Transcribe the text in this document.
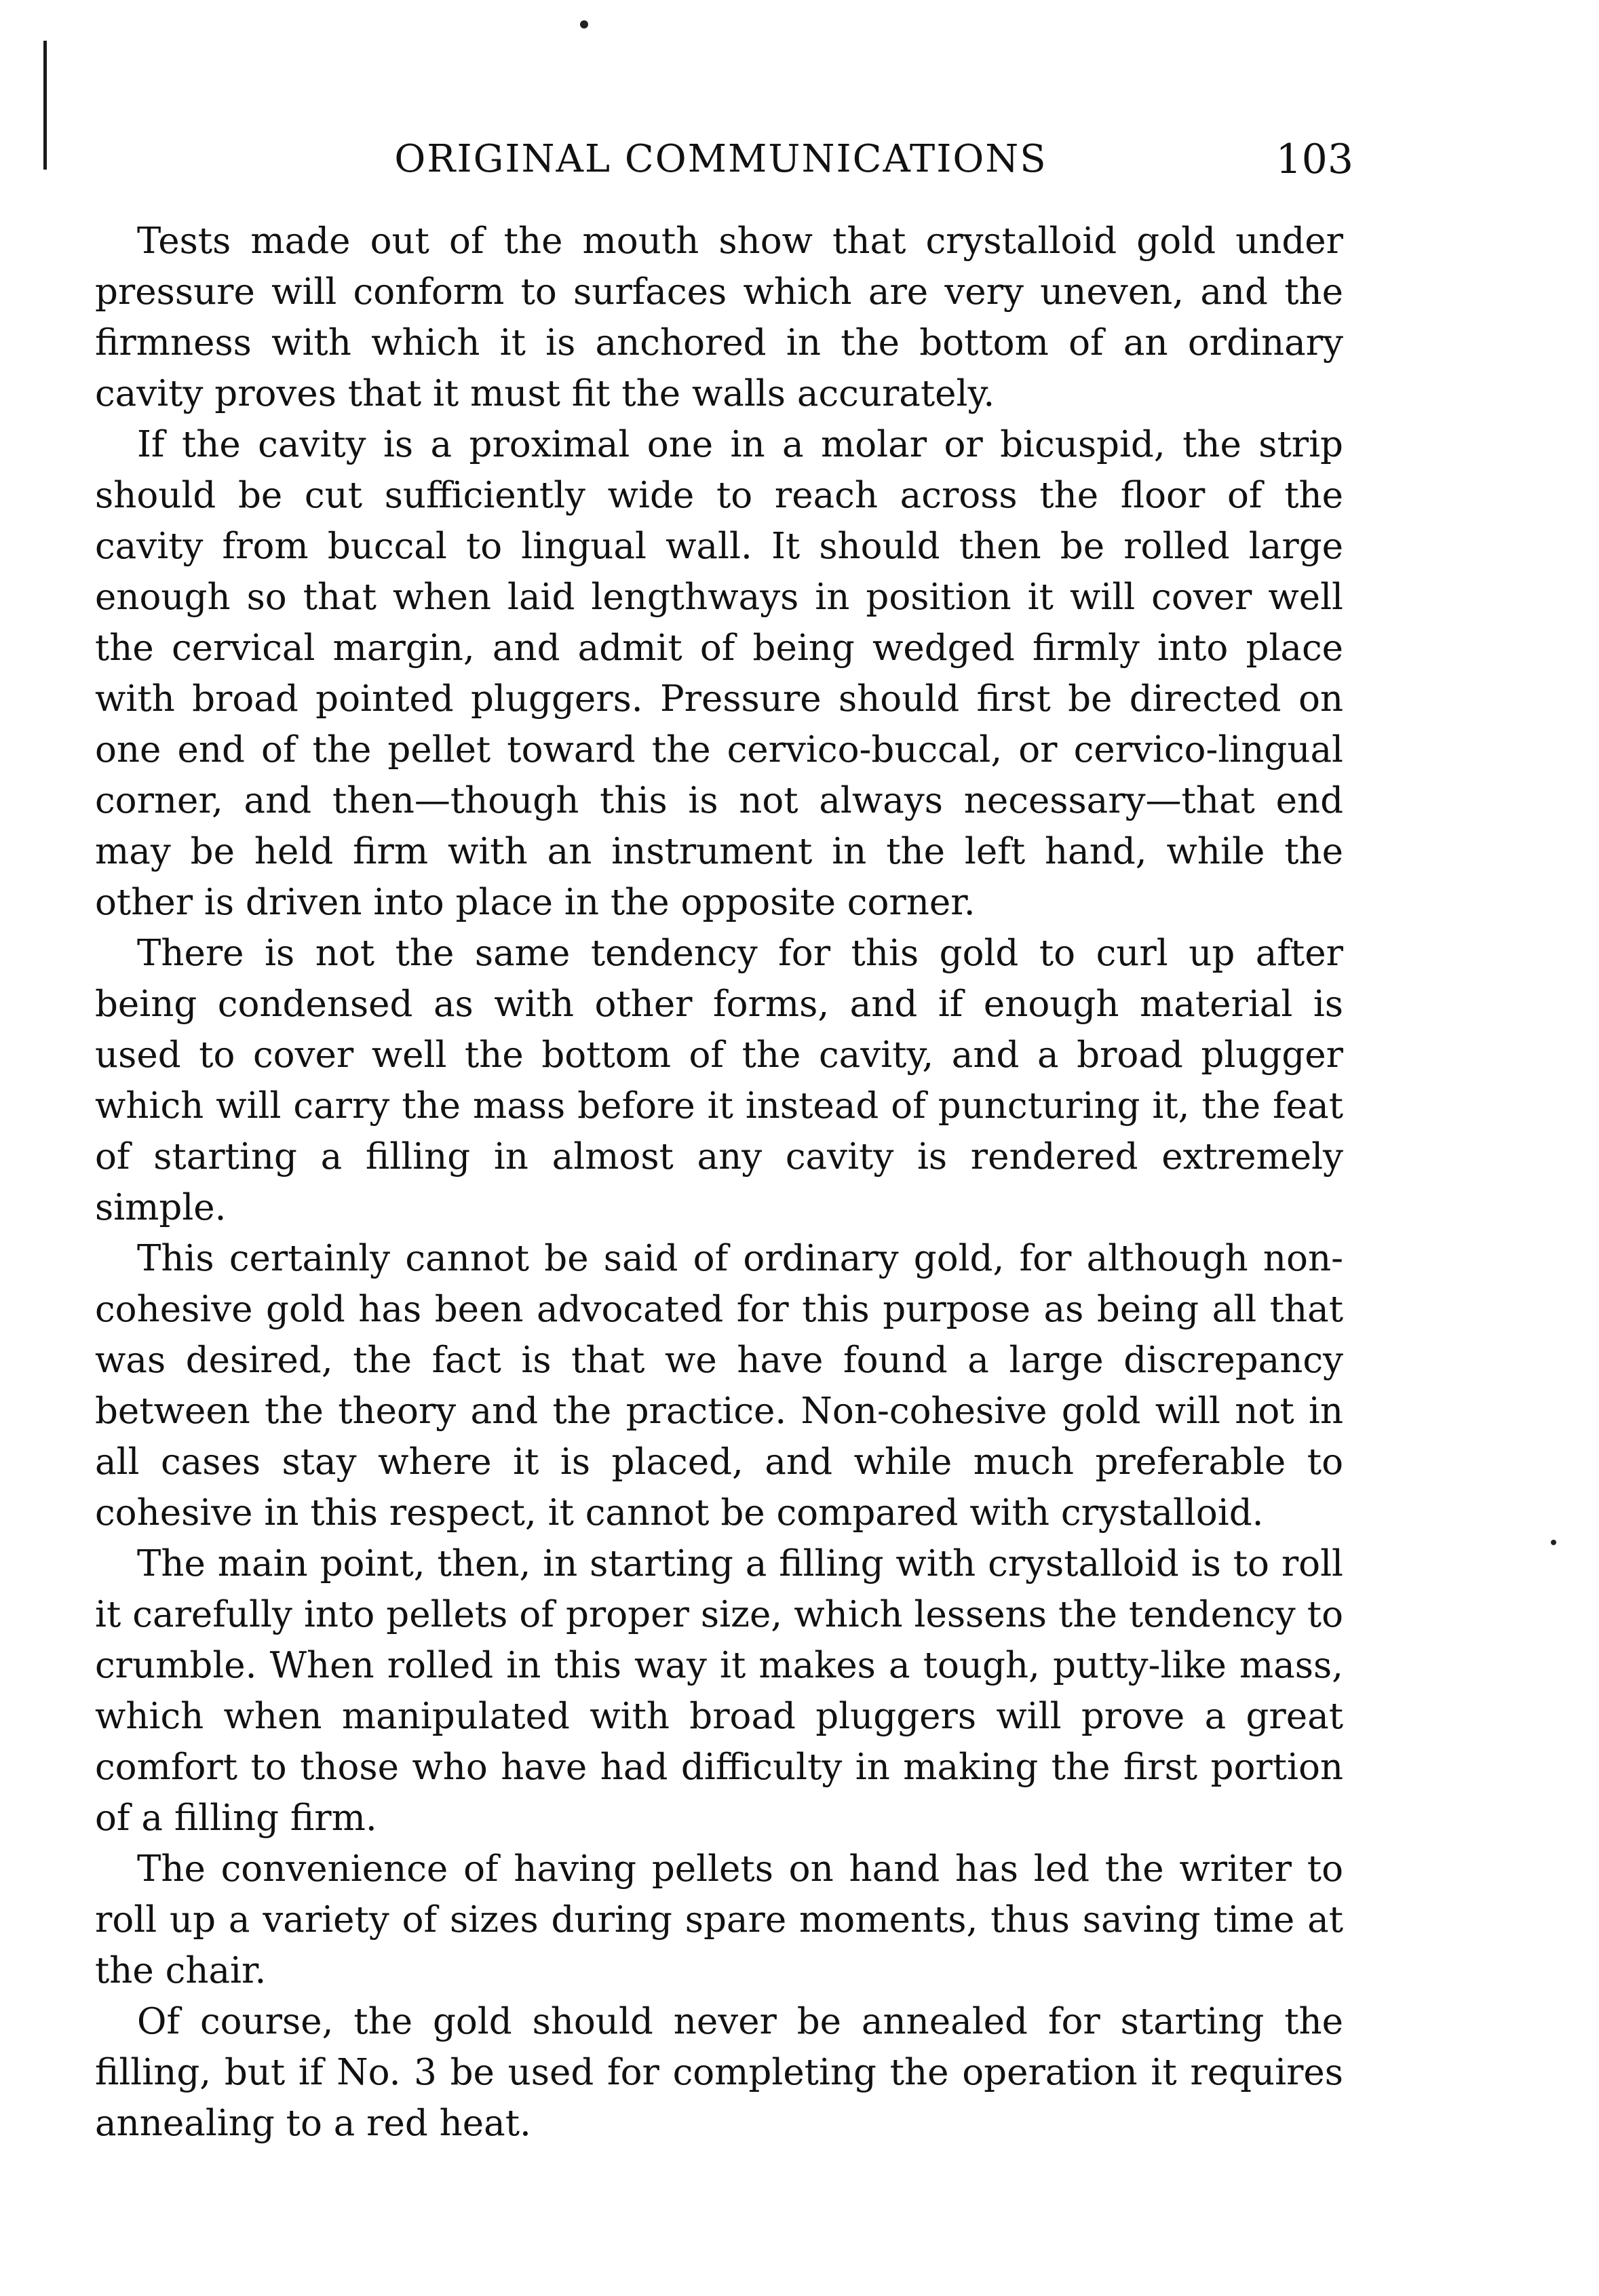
ORIGINAL COMMUNICATIONS	103

Tests made out of the mouth show that crystalloid gold under pressure will conform to surfaces which are very uneven, and the firmness with which it is anchored in the bottom of an ordinary cavity proves that it must fit the walls accurately.

If the cavity is a proximal one in a molar or bicuspid, the strip should be cut sufficiently wide to reach across the floor of the cavity from buccal to lingual wall. It should then be rolled large enough so that when laid lengthways in position it will cover well the cervical margin, and admit of being wedged firmly into place with broad pointed pluggers. Pressure should first be directed on one end of the pellet toward the cervico-buccal, or cervico-lingual corner, and then—though this is not always necessary—that end may be held firm with an instrument in the left hand, while the other is driven into place in the opposite corner.

There is not the same tendency for this gold to curl up after being condensed as with other forms, and if enough material is used to cover well the bottom of the cavity, and a broad plugger which will carry the mass before it instead of puncturing it, the feat of starting a filling in almost any cavity is rendered extremely simple.

This certainly cannot be said of ordinary gold, for although non-cohesive gold has been advocated for this purpose as being all that was desired, the fact is that we have found a large discrepancy between the theory and the practice. Non-cohesive gold will not in all cases stay where it is placed, and while much preferable to cohesive in this respect, it cannot be compared with crystalloid.

The main point, then, in starting a filling with crystalloid is to roll it carefully into pellets of proper size, which lessens the tendency to crumble. When rolled in this way it makes a tough, putty-like mass, which when manipulated with broad pluggers will prove a great comfort to those who have had difficulty in making the first portion of a filling firm.

The convenience of having pellets on hand has led the writer to roll up a variety of sizes during spare moments, thus saving time at the chair.

Of course, the gold should never be annealed for starting the filling, but if No. 3 be used for completing the operation it requires annealing to a red heat.
